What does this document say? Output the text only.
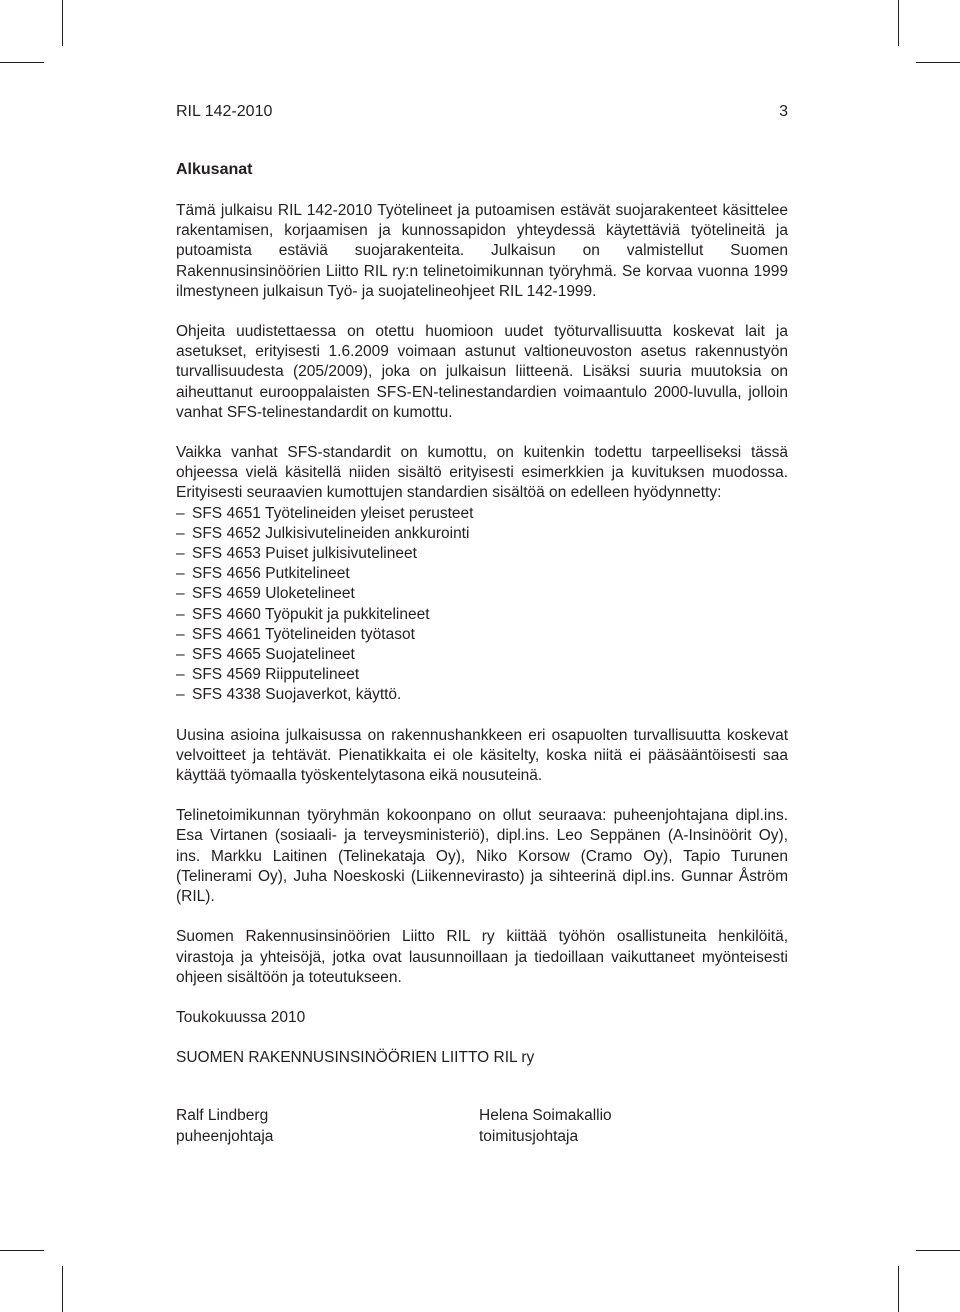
RIL 142-2010	3
Alkusanat

Tämä julkaisu RIL 142-2010 Työtelineet ja putoamisen estävät suojarakenteet käsittelee rakentamisen, korjaamisen ja kunnossapidon yhteydessä käytettäviä työtelineitä ja putoamista estäviä suojarakenteita. Julkaisun on valmistellut Suomen Rakennusinsinöörien Liitto RIL ry:n telinetoimikunnan työryhmä. Se korvaa vuonna 1999 ilmestyneen julkaisun Työ- ja suojatelineohjeet RIL 142-1999.

Ohjeita uudistettaessa on otettu huomioon uudet työturvallisuutta koskevat lait ja asetukset, erityisesti 1.6.2009 voimaan astunut valtioneuvoston asetus rakennustyön turvallisuudesta (205/2009), joka on julkaisun liitteenä. Lisäksi suuria muutoksia on aiheuttanut eurooppalaisten SFS-EN-telinestandardien voimaantulo 2000-luvulla, jolloin vanhat SFS-telinestandardit on kumottu.

Vaikka vanhat SFS-standardit on kumottu, on kuitenkin todettu tarpeelliseksi tässä ohjeessa vielä käsitellä niiden sisältö erityisesti esimerkkien ja kuvituksen muodossa. Erityisesti seuraavien kumottujen standardien sisältöä on edelleen hyödynnetty:

– SFS 4651 Työtelineiden yleiset perusteet
– SFS 4652 Julkisivutelineiden ankkurointi
– SFS 4653 Puiset julkisivutelineet
– SFS 4656 Putkitelineet
– SFS 4659 Uloketelineet
– SFS 4660 Työpukit ja pukkitelineet
– SFS 4661 Työtelineiden työtasot
– SFS 4665 Suojatelineet
– SFS 4569 Riipputelineet
– SFS 4338 Suojaverkot, käyttö.

Uusina asioina julkaisussa on rakennushankkeen eri osapuolten turvallisuutta koskevat velvoitteet ja tehtävät. Pienatikkaita ei ole käsitelty, koska niitä ei pääsääntöisesti saa käyttää työmaalla työskentelytasona eikä nousuteinä.

Telinetoimikunnan työryhmän kokoonpano on ollut seuraava: puheenjohtajana dipl.ins. Esa Virtanen (sosiaali- ja terveysministeriö), dipl.ins. Leo Seppänen (A-Insinöörit Oy), ins. Markku Laitinen (Telinekataja Oy), Niko Korsow (Cramo Oy), Tapio Turunen (Telinerami Oy), Juha Noeskoski (Liikennevirasto) ja sihteerinä dipl.ins. Gunnar Åström (RIL).

Suomen Rakennusinsinöörien Liitto RIL ry kiittää työhön osallistuneita henkilöitä, virastoja ja yhteisöjä, jotka ovat lausunnoillaan ja tiedoillaan vaikuttaneet myönteisesti ohjeen sisältöön ja toteutukseen.

Toukokuussa 2010

SUOMEN RAKENNUSINSINÖÖRIEN LIITTO RIL ry

Ralf Lindberg
puheenjohtaja
Helena Soimakallio
toimitusjohtaja
